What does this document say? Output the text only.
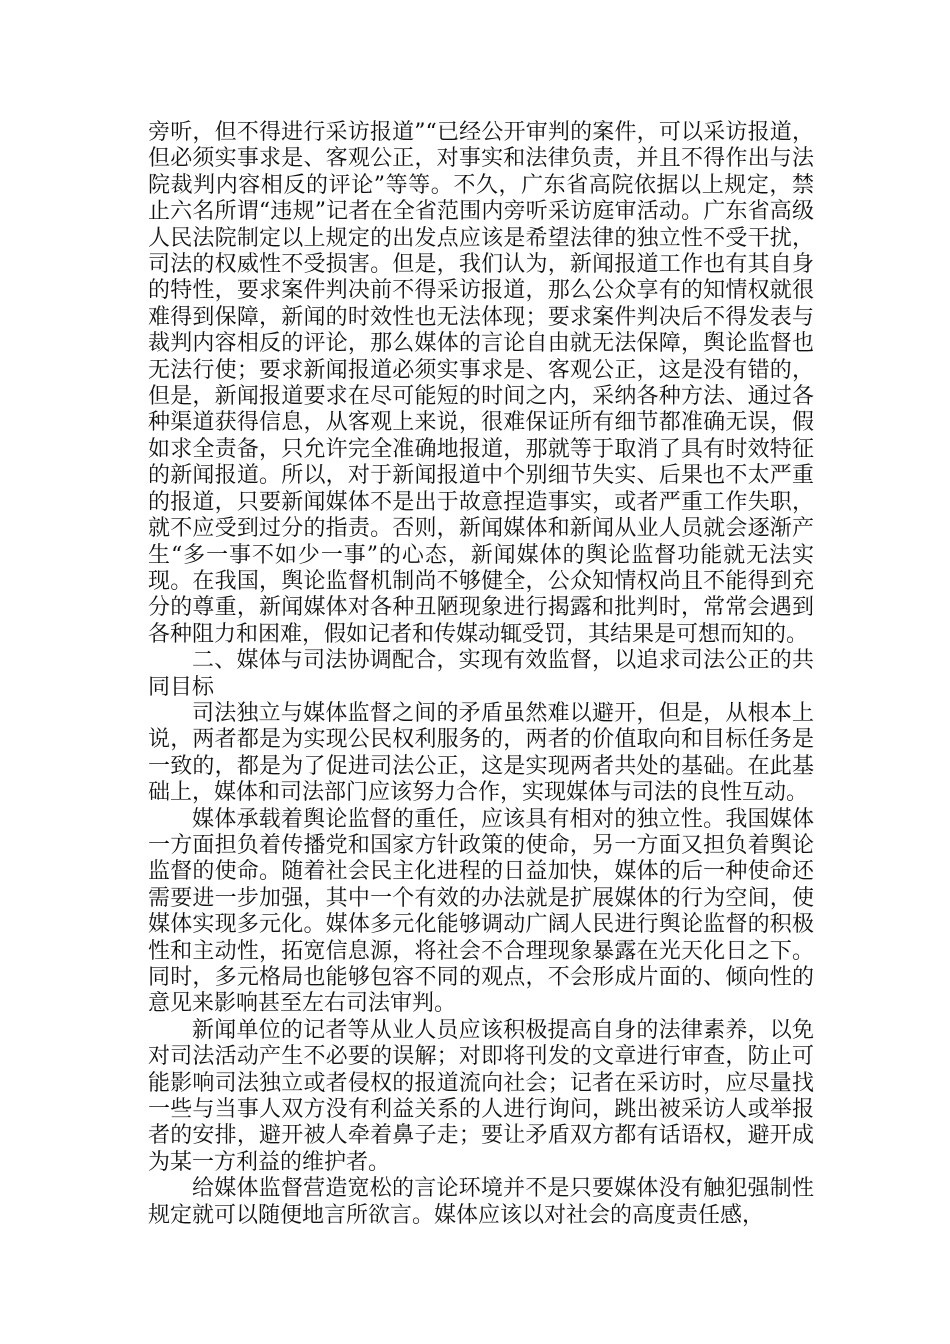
旁听，但不得进行采访报道”“已经公开审判的案件，可以采访报道，但必须实事求是、客观公正，对事实和法律负责，并且不得作出与法院裁判内容相反的评论”等等。不久，广东省高院依据以上规定，禁止六名所谓“违规”记者在全省范围内旁听采访庭审活动。广东省高级人民法院制定以上规定的出发点应该是希望法律的独立性不受干扰，司法的权威性不受损害。但是，我们认为，新闻报道工作也有其自身的特性，要求案件判决前不得采访报道，那么公众享有的知情权就很难得到保障，新闻的时效性也无法体现；要求案件判决后不得发表与裁判内容相反的评论，那么媒体的言论自由就无法保障，舆论监督也无法行使；要求新闻报道必须实事求是、客观公正，这是没有错的，但是，新闻报道要求在尽可能短的时间之内，采纳各种方法、通过各种渠道获得信息，从客观上来说，很难保证所有细节都准确无误，假如求全责备，只允许完全准确地报道，那就等于取消了具有时效特征的新闻报道。所以，对于新闻报道中个别细节失实、后果也不太严重的报道，只要新闻媒体不是出于故意捏造事实，或者严重工作失职，就不应受到过分的指责。否则，新闻媒体和新闻从业人员就会逐渐产生“多一事不如少一事”的心态，新闻媒体的舆论监督功能就无法实现。在我国，舆论监督机制尚不够健全，公众知情权尚且不能得到充分的尊重，新闻媒体对各种丑陋现象进行揭露和批判时，常常会遇到各种阻力和困难，假如记者和传媒动辄受罚，其结果是可想而知的。

二、媒体与司法协调配合，实现有效监督，以追求司法公正的共同目标

司法独立与媒体监督之间的矛盾虽然难以避开，但是，从根本上说，两者都是为实现公民权利服务的，两者的价值取向和目标任务是一致的，都是为了促进司法公正，这是实现两者共处的基础。在此基础上，媒体和司法部门应该努力合作，实现媒体与司法的良性互动。

媒体承载着舆论监督的重任，应该具有相对的独立性。我国媒体一方面担负着传播党和国家方针政策的使命，另一方面又担负着舆论监督的使命。随着社会民主化进程的日益加快，媒体的后一种使命还需要进一步加强，其中一个有效的办法就是扩展媒体的行为空间，使媒体实现多元化。媒体多元化能够调动广阔人民进行舆论监督的积极性和主动性，拓宽信息源，将社会不合理现象暴露在光天化日之下。同时，多元格局也能够包容不同的观点，不会形成片面的、倾向性的意见来影响甚至左右司法审判。

新闻单位的记者等从业人员应该积极提高自身的法律素养，以免对司法活动产生不必要的误解；对即将刊发的文章进行审查，防止可能影响司法独立或者侵权的报道流向社会；记者在采访时，应尽量找一些与当事人双方没有利益关系的人进行询问，跳出被采访人或举报者的安排，避开被人牵着鼻子走；要让矛盾双方都有话语权，避开成为某一方利益的维护者。

给媒体监督营造宽松的言论环境并不是只要媒体没有触犯强制性规定就可以随便地言所欲言。媒体应该以对社会的高度责任感，
